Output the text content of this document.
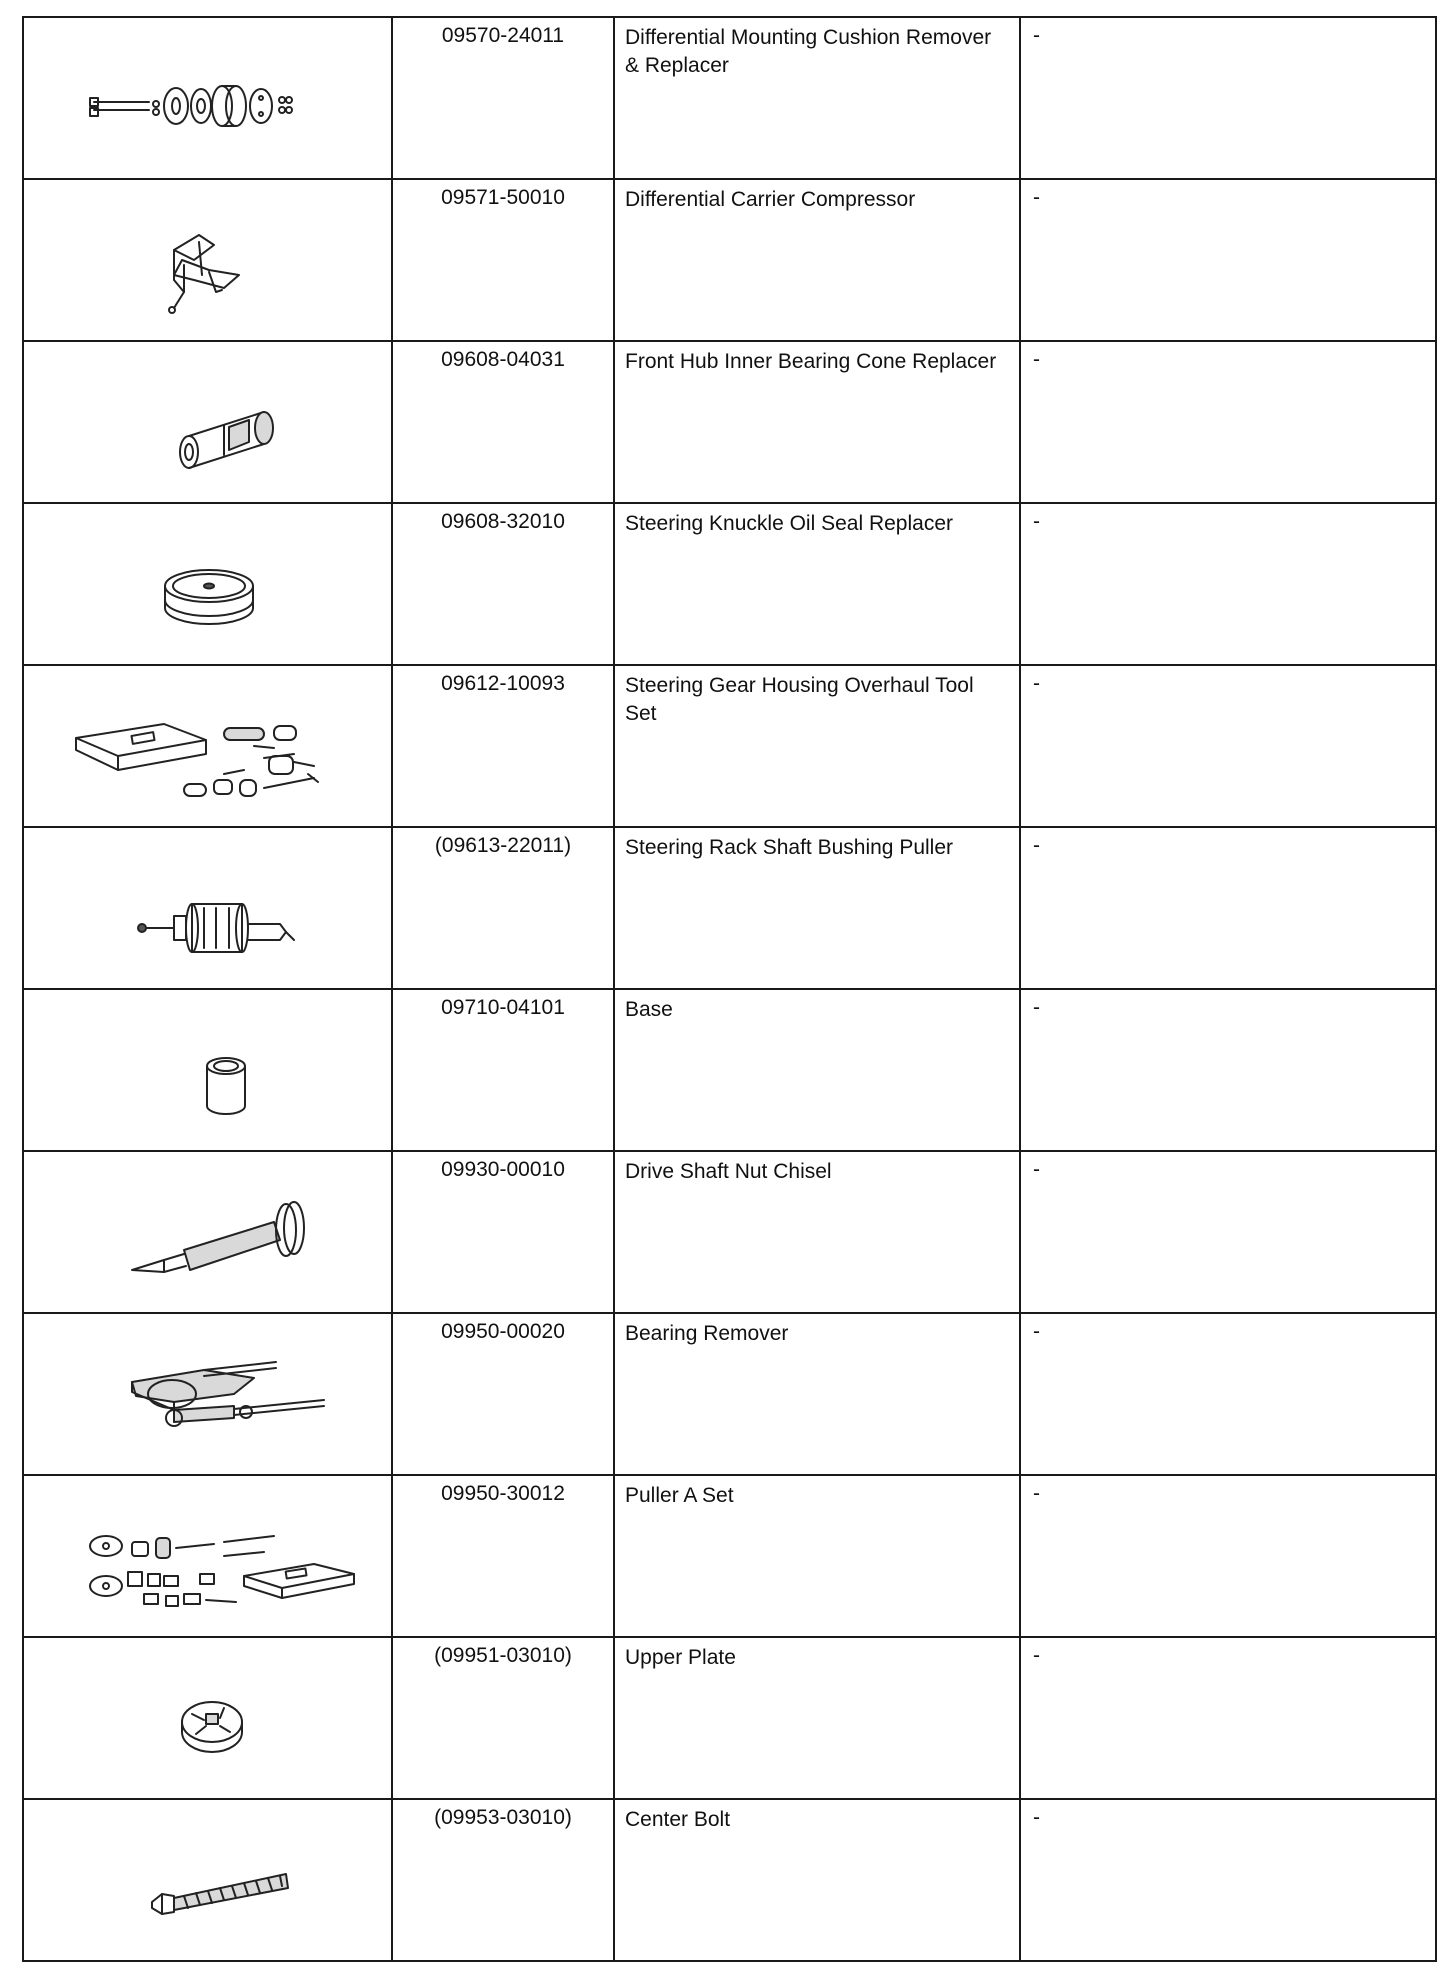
09570-24011	Differential Mounting Cushion Remover & Replacer	-

09571-50010	Differential Carrier Compressor	-

09608-04031	Front Hub Inner Bearing Cone Replacer	-

09608-32010	Steering Knuckle Oil Seal Replacer	-

09612-10093	Steering Gear Housing Overhaul Tool Set	-

(09613-22011)	Steering Rack Shaft Bushing Puller	-

09710-04101	Base	-

09930-00010	Drive Shaft Nut Chisel	-

09950-00020	Bearing Remover	-

09950-30012	Puller A Set	-

(09951-03010)	Upper Plate	-

(09953-03010)	Center Bolt	-
